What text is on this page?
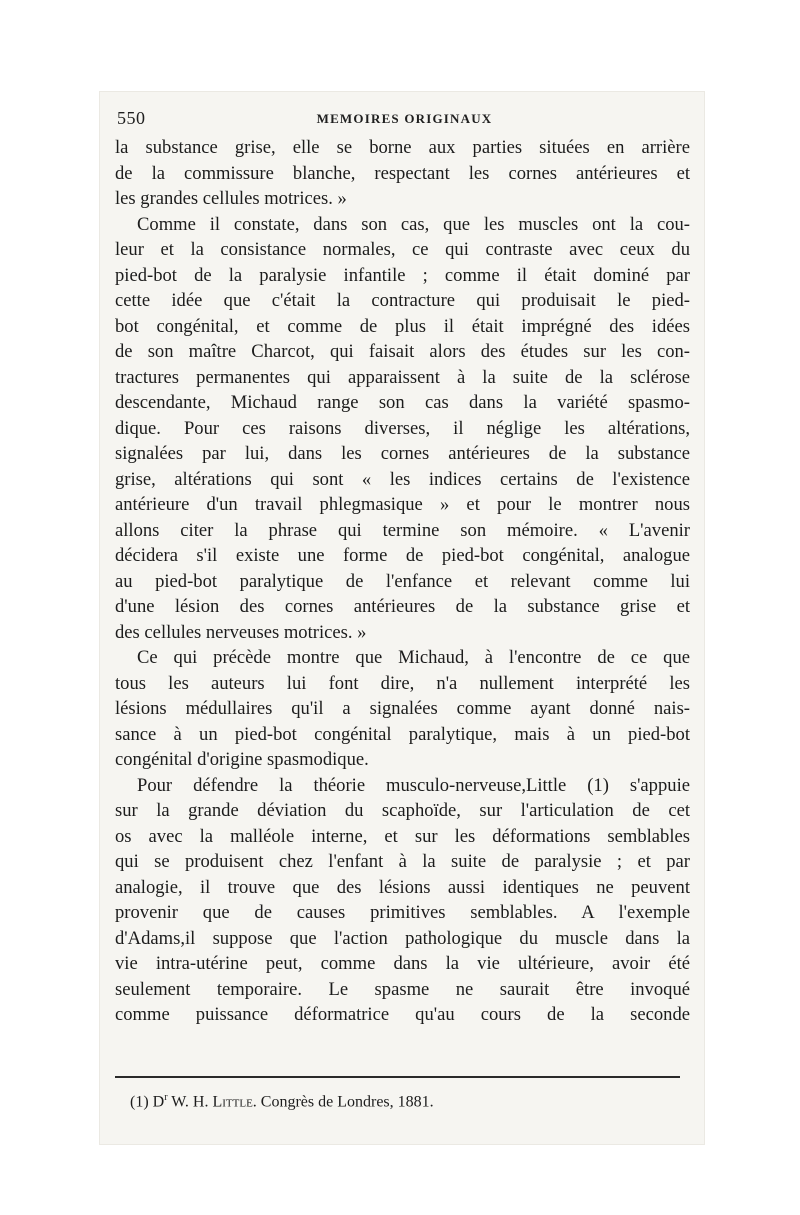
550	MEMOIRES ORIGINAUX
la substance grise, elle se borne aux parties situées en arrière
de la commissure blanche, respectant les cornes antérieures et
les grandes cellules motrices. »
Comme il constate, dans son cas, que les muscles ont la cou-
leur et la consistance normales, ce qui contraste avec ceux du
pied-bot de la paralysie infantile ; comme il était dominé par
cette idée que c'était la contracture qui produisait le pied-
bot congénital, et comme de plus il était imprégné des idées
de son maître Charcot, qui faisait alors des études sur les con-
tractures permanentes qui apparaissent à la suite de la sclérose
descendante, Michaud range son cas dans la variété spasmo-
dique. Pour ces raisons diverses, il néglige les altérations,
signalées par lui, dans les cornes antérieures de la substance
grise, altérations qui sont « les indices certains de l'existence
antérieure d'un travail phlegmasique » et pour le montrer nous
allons citer la phrase qui termine son mémoire. « L'avenir
décidera s'il existe une forme de pied-bot congénital, analogue
au pied-bot paralytique de l'enfance et relevant comme lui
d'une lésion des cornes antérieures de la substance grise et
des cellules nerveuses motrices. »
Ce qui précède montre que Michaud, à l'encontre de ce que
tous les auteurs lui font dire, n'a nullement interprété les
lésions médullaires qu'il a signalées comme ayant donné nais-
sance à un pied-bot congénital paralytique, mais à un pied-bot
congénital d'origine spasmodique.
Pour défendre la théorie musculo-nerveuse,Little (1) s'appuie
sur la grande déviation du scaphoïde, sur l'articulation de cet
os avec la malléole interne, et sur les déformations semblables
qui se produisent chez l'enfant à la suite de paralysie ; et par
analogie, il trouve que des lésions aussi identiques ne peuvent
provenir que de causes primitives semblables. A l'exemple
d'Adams,il suppose que l'action pathologique du muscle dans la
vie intra-utérine peut, comme dans la vie ultérieure, avoir été
seulement temporaire. Le spasme ne saurait être invoqué
comme puissance déformatrice qu'au cours de la seconde
(1) $D^r$ W. H. Little. Congrès de Londres, 1881.
